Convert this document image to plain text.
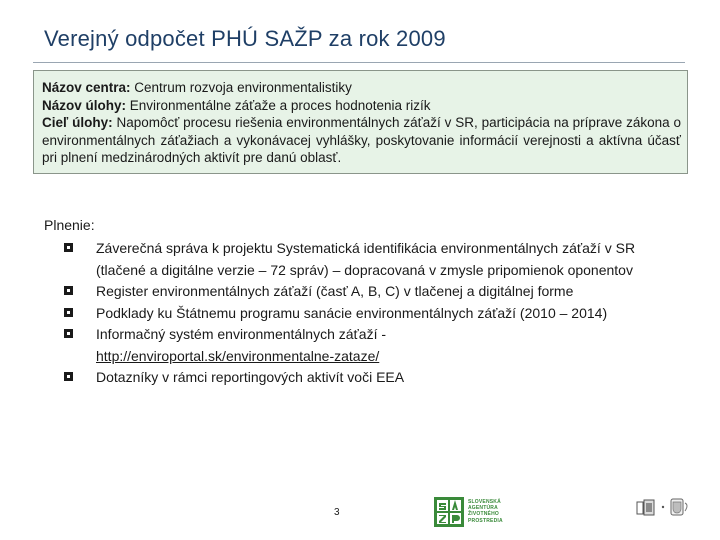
Verejný odpočet PHÚ SAŽP za rok 2009

Názov centra: Centrum rozvoja environmentalistiky

Názov úlohy: Environmentálne záťaže a proces hodnotenia rizík

Cieľ úlohy: Napomôcť procesu riešenia environmentálnych záťaží v SR, participácia na príprave zákona o environmentálnych záťažiach a vykonávacej vyhlášky, poskytovanie informácií verejnosti a aktívna účasť pri plnení medzinárodných aktivít pre danú oblasť.

Plnenie:
Záverečná správa k projektu Systematická identifikácia environmentálnych záťaží v SR (tlačené a digitálne verzie – 72 správ) – dopracovaná v zmysle pripomienok oponentov
Register environmentálnych záťaží (časť A, B, C) v tlačenej a digitálnej forme
Podklady ku Štátnemu programu sanácie environmentálnych záťaží (2010 – 2014)
Informačný systém environmentálnych záťaží -
http://enviroportal.sk/environmentalne-zataze/
Dotazníky v rámci reportingových aktivít voči EEA
3
SLOVENSKÁ
AGENTÚRA
ŽIVOTNÉHO
PROSTREDIA
